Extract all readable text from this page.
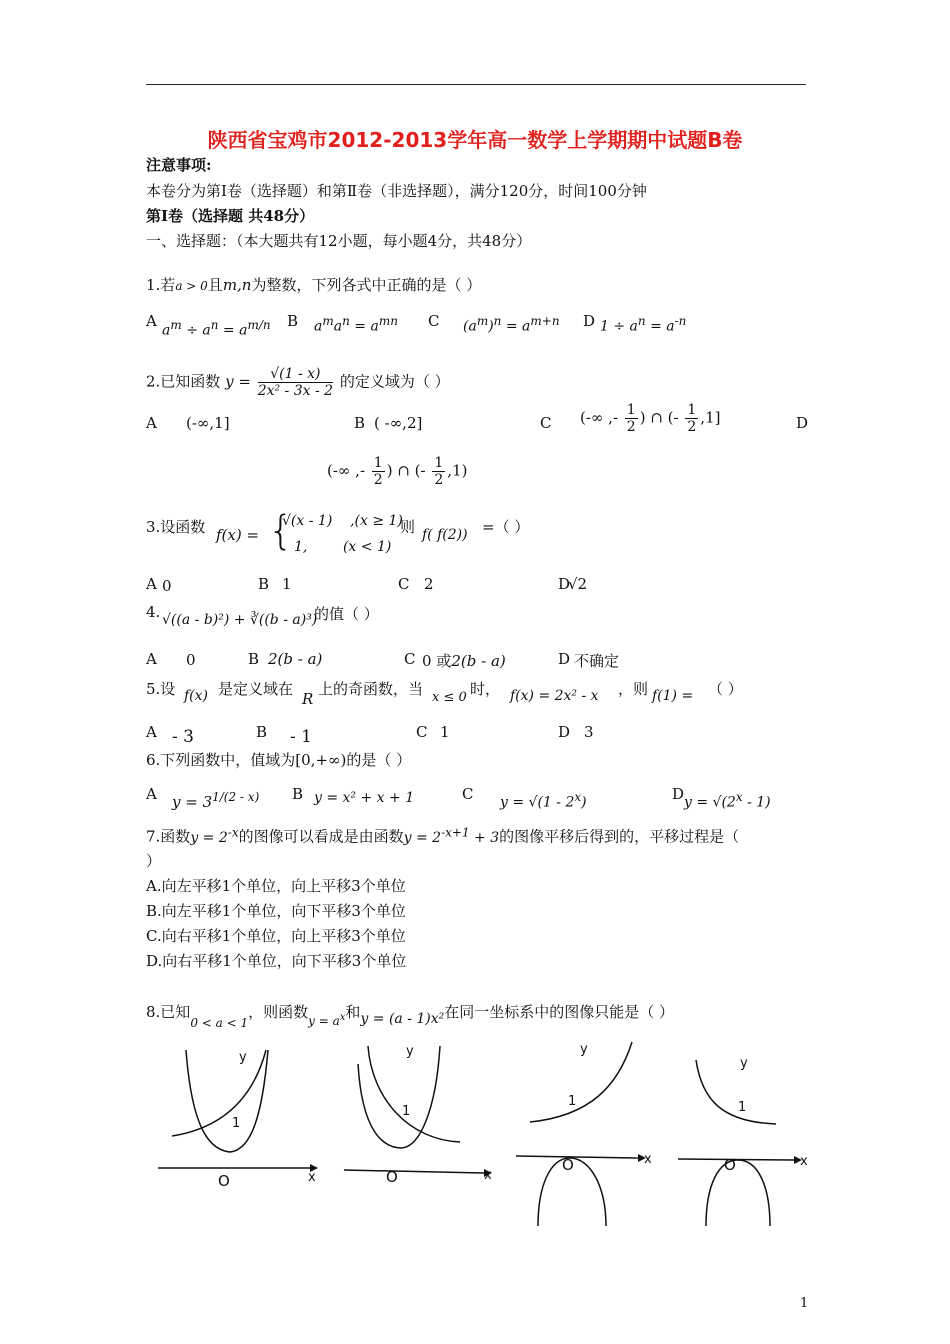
陕西省宝鸡市2012-2013学年高一数学上学期期中试题B卷
注意事项:
本卷分为第Ⅰ卷（选择题）和第Ⅱ卷（非选择题），满分120分，时间100分钟
第Ⅰ卷（选择题 共48分）
一、选择题：（本大题共有12小题，每小题4分，共48分）
1.若a > 0且m,n为整数，下列各式中正确的是（ ）
A
$a^m \div a^n = a^{m/n}$ B $a^ma^n = a^{mn}$ C $(a^m)^n = a^{m+n}$ D $1 \div a^n = a^{-n}$
2.已知函数 $y = \frac{√(1 - x)}{\text{2x² - 3x - 2}}$ 的定义域为（ ）
A (-∞,1]	B ( -∞,2]	C (-∞ ,- $\frac{1}{2}$ ) ∩ (- $\frac{1}{2} ,1$]	D
(-∞ ,- $\frac{1}{2}$ ) ∩ (- $\frac{1}{2} ,1$)
3.设函数 f(x) = {
√(x - 1)    ,(x ≥ 1)
1,        (x < 1)
则 f( f(2)) =（ ）
A 0	B 1	C 2	D
√2
4. √((a - b)²) + ∛((b - a)³)
的值（ ）
A 0	B 2(b - a)	C 0 或2(b - a)	D 不确定
5.设 f(x) 是定义域在
R
上的奇函数，当 x ≤ 0 时， f(x) = 2x² - x ，则 f(1) = （ ）
A - 3	B - 1	C 1	D 3
6.下列函数中，值域为[0,+∞)的是（ ）
A $y = 3^{1/(2 - x)}$ B y = x² + x + 1	C y = √(1 - 2$^x$)	D $y = √(2^x - 1)$
7.函数$y = 2^{-x}$的图像可以看成是由函数$y = 2^{-x+1} + 3$的图像平移后得到的，平移过程是（
）
A.向左平移1个单位，向上平移3个单位
B.向左平移1个单位，向下平移3个单位
C.向右平移1个单位，向上平移3个单位
D.向右平移1个单位，向下平移3个单位
8.已知$_{0 < a < 1}$，则函数$_{y = a^x}$和y = (a - 1)x²在同一坐标系中的图像只能是（ ）
y
1
O	x
y
1
O	x
y
1
O	x
y
1
O	x
1
